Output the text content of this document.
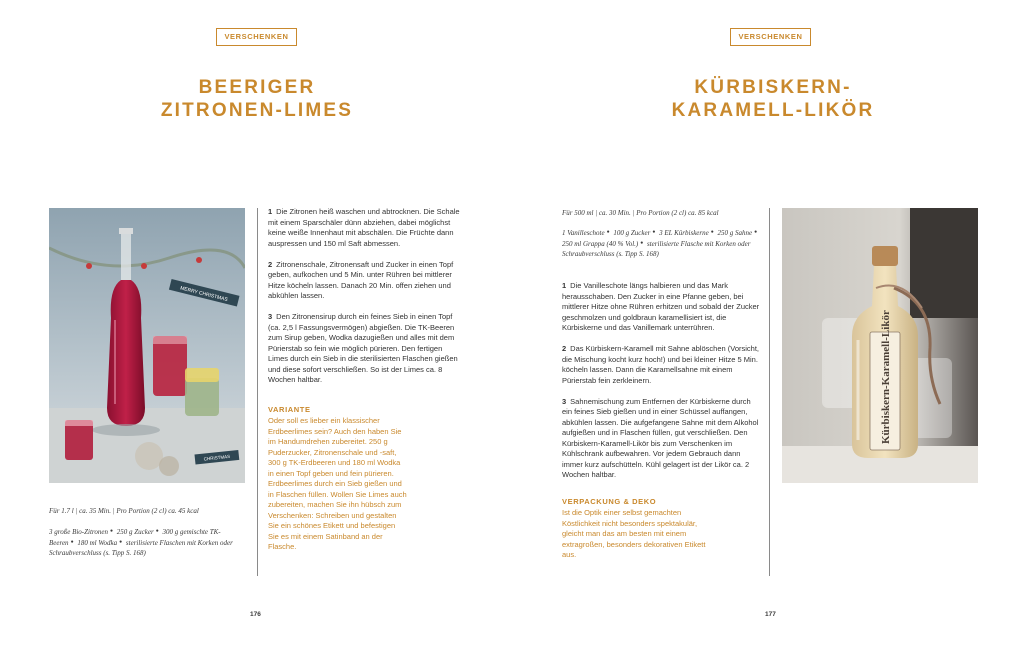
VERSCHENKEN
BEERIGER
ZITRONEN-LIMES
MERRY CHRISTMAS
CHRISTMAS
Für 1.7 l | ca. 35 Min. | Pro Portion (2 cl) ca. 45 kcal
3 große Bio-Zitronen ● 250 g Zucker ● 300 g gemischte TK-Beeren ● 180 ml Wodka ● sterilisierte Flaschen mit Korken oder Schraubverschluss (s. Tipp S. 168)
1 Die Zitronen heiß waschen und abtrocknen. Die Schale mit einem Sparschäler dünn abziehen, dabei möglichst keine weiße Innenhaut mit abschälen. Die Früchte dann auspressen und 150 ml Saft abmessen.
2 Zitronenschale, Zitronensaft und Zucker in einen Topf geben, aufkochen und 5 Min. unter Rühren bei mittlerer Hitze köcheln lassen. Danach 20 Min. offen ziehen und abkühlen lassen.
3 Den Zitronensirup durch ein feines Sieb in einen Topf (ca. 2,5 l Fassungsvermögen) abgießen. Die TK-Beeren zum Sirup geben, Wodka dazugießen und alles mit dem Pürierstab so fein wie möglich pürieren. Den fertigen Limes durch ein Sieb in die sterilisierten Flaschen gießen und diese sofort verschließen. So ist der Limes ca. 8 Wochen haltbar.
VARIANTE
Oder soll es lieber ein klassischer Erdbeerlimes sein? Auch den haben Sie im Handumdrehen zubereitet. 250 g Puderzucker, Zitronenschale und -saft, 300 g TK-Erdbeeren und 180 ml Wodka in einen Topf geben und fein pürieren. Erdbeerlimes durch ein Sieb gießen und in Flaschen füllen. Wollen Sie Limes auch zubereiten, machen Sie ihn hübsch zum Verschenken: Schreiben und gestalten Sie ein schönes Etikett und befestigen Sie es mit einem Satinband an der Flasche.
176
VERSCHENKEN
KÜRBISKERN-
KARAMELL-LIKÖR
Für 500 ml | ca. 30 Min. | Pro Portion (2 cl) ca. 85 kcal
1 Vanilleschote ● 100 g Zucker ● 3 EL Kürbiskerne ● 250 g Sahne ● 250 ml Grappa (40 % Vol.) ● sterilisierte Flasche mit Korken oder Schraubverschluss (s. Tipp S. 168)
1 Die Vanilleschote längs halbieren und das Mark herausschaben. Den Zucker in eine Pfanne geben, bei mittlerer Hitze ohne Rühren erhitzen und sobald der Zucker geschmolzen und goldbraun karamellisiert ist, die Kürbiskerne und das Vanillemark unterrühren.
2 Das Kürbiskern-Karamell mit Sahne ablöschen (Vorsicht, die Mischung kocht kurz hoch!) und bei kleiner Hitze 5 Min. köcheln lassen. Dann die Karamellsahne mit einem Pürierstab fein zerkleinern.
3 Sahnemischung zum Entfernen der Kürbiskerne durch ein feines Sieb gießen und in einer Schüssel auffangen, abkühlen lassen. Die aufgefangene Sahne mit dem Alkohol aufgießen und in Flaschen füllen, gut verschließen. Den Kürbiskern-Karamell-Likör bis zum Verschenken im Kühlschrank aufbewahren. Vor jedem Gebrauch dann immer kurz aufschütteln. Kühl gelagert ist der Likör ca. 2 Wochen haltbar.
VERPACKUNG & DEKO
Ist die Optik einer selbst gemachten Köstlichkeit nicht besonders spektakulär, gleicht man das am besten mit einem extragroßen, besonders dekorativen Etikett aus.
Kürbiskern-Karamell-Likör
177
